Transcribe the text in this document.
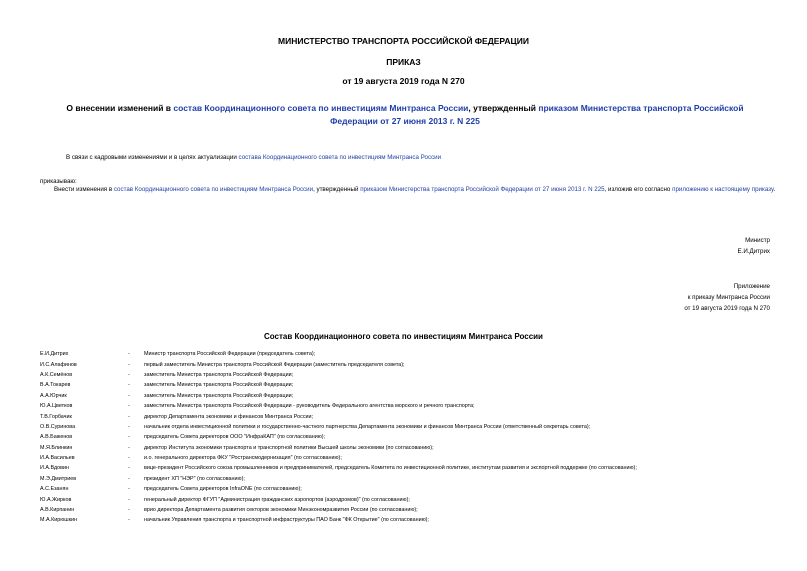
МИНИСТЕРСТВО ТРАНСПОРТА РОССИЙСКОЙ ФЕДЕРАЦИИ
ПРИКАЗ
от 19 августа 2019 года N 270
О внесении изменений в состав Координационного совета по инвестициям Минтранса России, утвержденный приказом Министерства транспорта Российской Федерации от 27 июня 2013 г. N 225
В связи с кадровыми изменениями и в целях актуализации состава Координационного совета по инвестициям Минтранса России
приказываю:
Внести изменения в состав Координационного совета по инвестициям Минтранса России, утвержденный приказом Министерства транспорта Российской Федерации от 27 июня 2013 г. N 225, изложив его согласно приложению к настоящему приказу.
Министр
Е.И.Дитрих
Приложение
к приказу Минтранса России
от 19 августа 2019 года N 270
Состав Координационного совета по инвестициям Минтранса России
Е.И.Дитрих	-	Министр транспорта Российской Федерации (председатель совета);
И.С.Алафинов	-	первый заместитель Министра транспорта Российской Федерации (заместитель председателя совета);
А.К.Семёнов	-	заместитель Министра транспорта Российской Федерации;
В.А.Токарев	-	заместитель Министра транспорта Российской Федерации;
А.А.Юрчик	-	заместитель Министра транспорта Российской Федерации;
Ю.А.Цветков	-	заместитель Министра транспорта Российской Федерации - руководитель Федерального агентства морского и речного транспорта;
Т.В.Горбачик	-	директор Департамента экономики и финансов Минтранса России;
О.В.Суринова	-	начальник отдела инвестиционной политики и государственно-частного партнерства Департамента экономики и финансов Минтранса России (ответственный секретарь совета);
А.В.Баженов	-	председатель Совета директоров ООО "ИнфраКАП" (по согласованию);
М.Я.Блинкин	-	директор Института экономики транспорта и транспортной политики Высшей школы экономики (по согласованию);
И.А.Васильев	-	и.о. генерального директора ФКУ "Ространсмодернизация" (по согласованию);
И.А.Вдовин	-	вице-президент Российского союза промышленников и предпринимателей, председатель Комитета по инвестиционной политике, институтам развития и экспортной поддержке (по согласованию);
М.Э.Дмитриев	-	президент ХП "НЭР" (по согласованию);
А.С.Езанян	-	председатель Совета директоров InfraONE (по согласованию);
Ю.А.Жирков	-	генеральный директор ФГУП "Администрация гражданских аэропортов (аэродромов)" (по согласованию);
А.В.Кирпанин	-	врио директора Департамента развития секторов экономики Минэкономразвития России (по согласованию);
М.А.Кирюшкин	-	начальник Управления транспорта и транспортной инфраструктуры ПАО Банк "ФК Открытие" (по согласованию);
